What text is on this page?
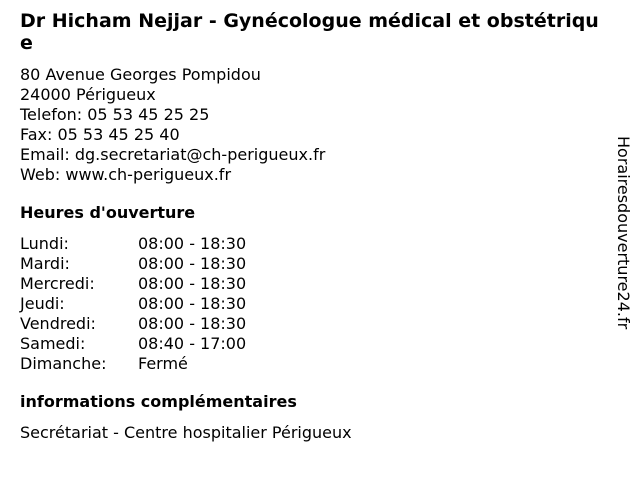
Dr Hicham Nejjar - Gynécologue médical et obstétrique
80 Avenue Georges Pompidou
24000 Périgueux
Telefon: 05 53 45 25 25
Fax: 05 53 45 25 40
Email: dg.secretariat@ch-perigueux.fr
Web: www.ch-perigueux.fr
Heures d'ouverture
Lundi:	08:00 - 18:30
Mardi:	08:00 - 18:30
Mercredi:	08:00 - 18:30
Jeudi:	08:00 - 18:30
Vendredi:	08:00 - 18:30
Samedi:	08:40 - 17:00
Dimanche:	Fermé
informations complémentaires
Secrétariat - Centre hospitalier Périgueux
Horairesdouverture24.fr
